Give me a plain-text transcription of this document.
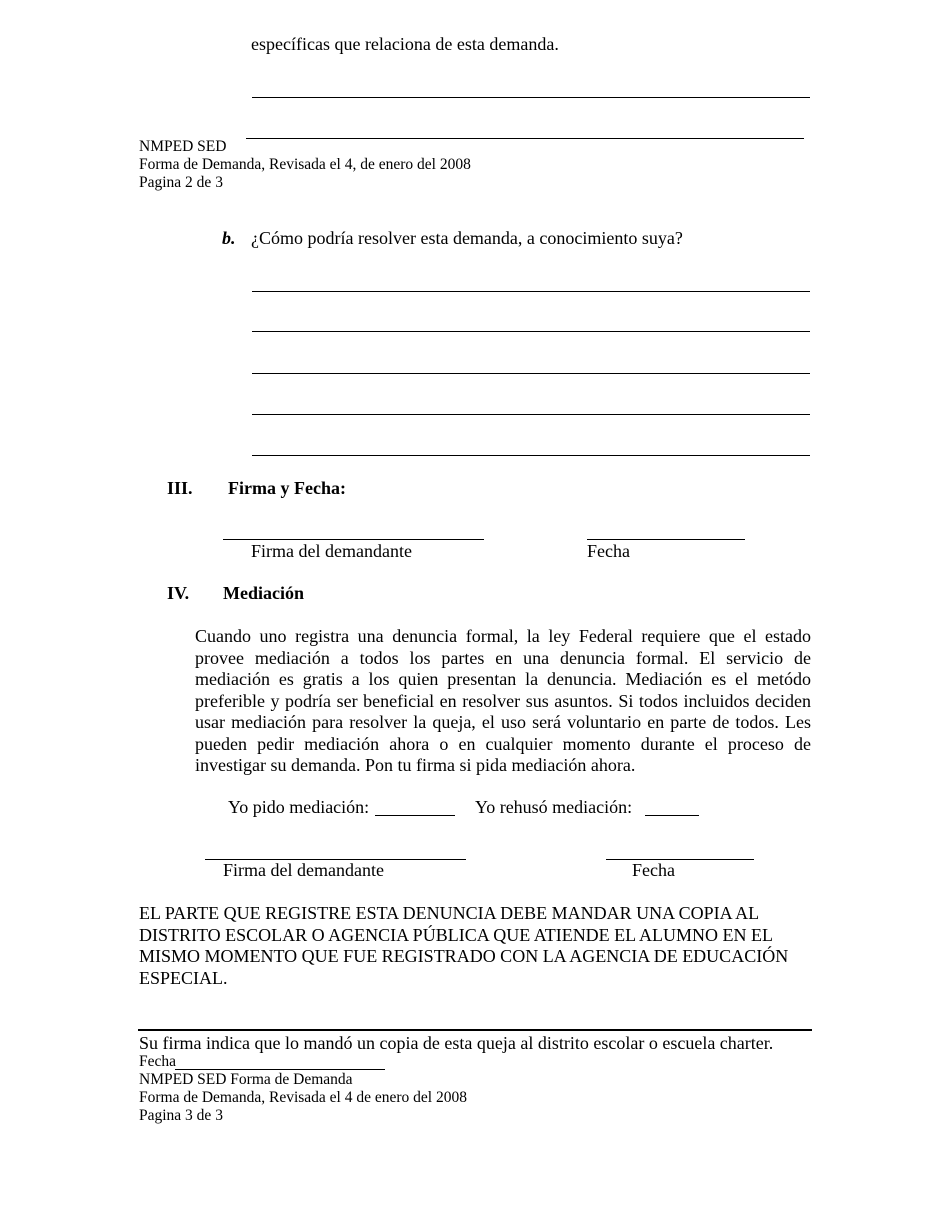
específicas que relaciona de esta demanda.
NMPED SED
Forma de Demanda, Revisada el 4, de enero del 2008
Pagina 2 de 3
b. ¿Cómo podría resolver esta demanda, a conocimiento suya?
III. Firma y Fecha:
Firma del demandante	Fecha
IV. Mediación
Cuando uno registra una denuncia formal, la ley Federal requiere que el estado provee mediación a todos los partes en una denuncia formal. El servicio de mediación es gratis a los quien presentan la denuncia. Mediación es el metódo preferible y podría ser beneficial en resolver sus asuntos. Si todos incluidos deciden usar mediación para resolver la queja, el uso será voluntario en parte de todos. Les pueden pedir mediación ahora o en cualquier momento durante el proceso de investigar su demanda. Pon tu firma si pida mediación ahora.
Yo pido mediación:	Yo rehusó mediación:
Firma del demandante	Fecha
EL PARTE QUE REGISTRE ESTA DENUNCIA DEBE MANDAR UNA COPIA AL DISTRITO ESCOLAR O AGENCIA PÚBLICA QUE ATIENDE EL ALUMNO EN EL MISMO MOMENTO QUE FUE REGISTRADO CON LA AGENCIA DE EDUCACIÓN ESPECIAL.
Su firma indica que lo mandó un copia de esta queja al distrito escolar o escuela charter.
Fecha
NMPED SED Forma de Demanda
Forma de Demanda, Revisada el 4 de enero del 2008
Pagina 3 de 3
